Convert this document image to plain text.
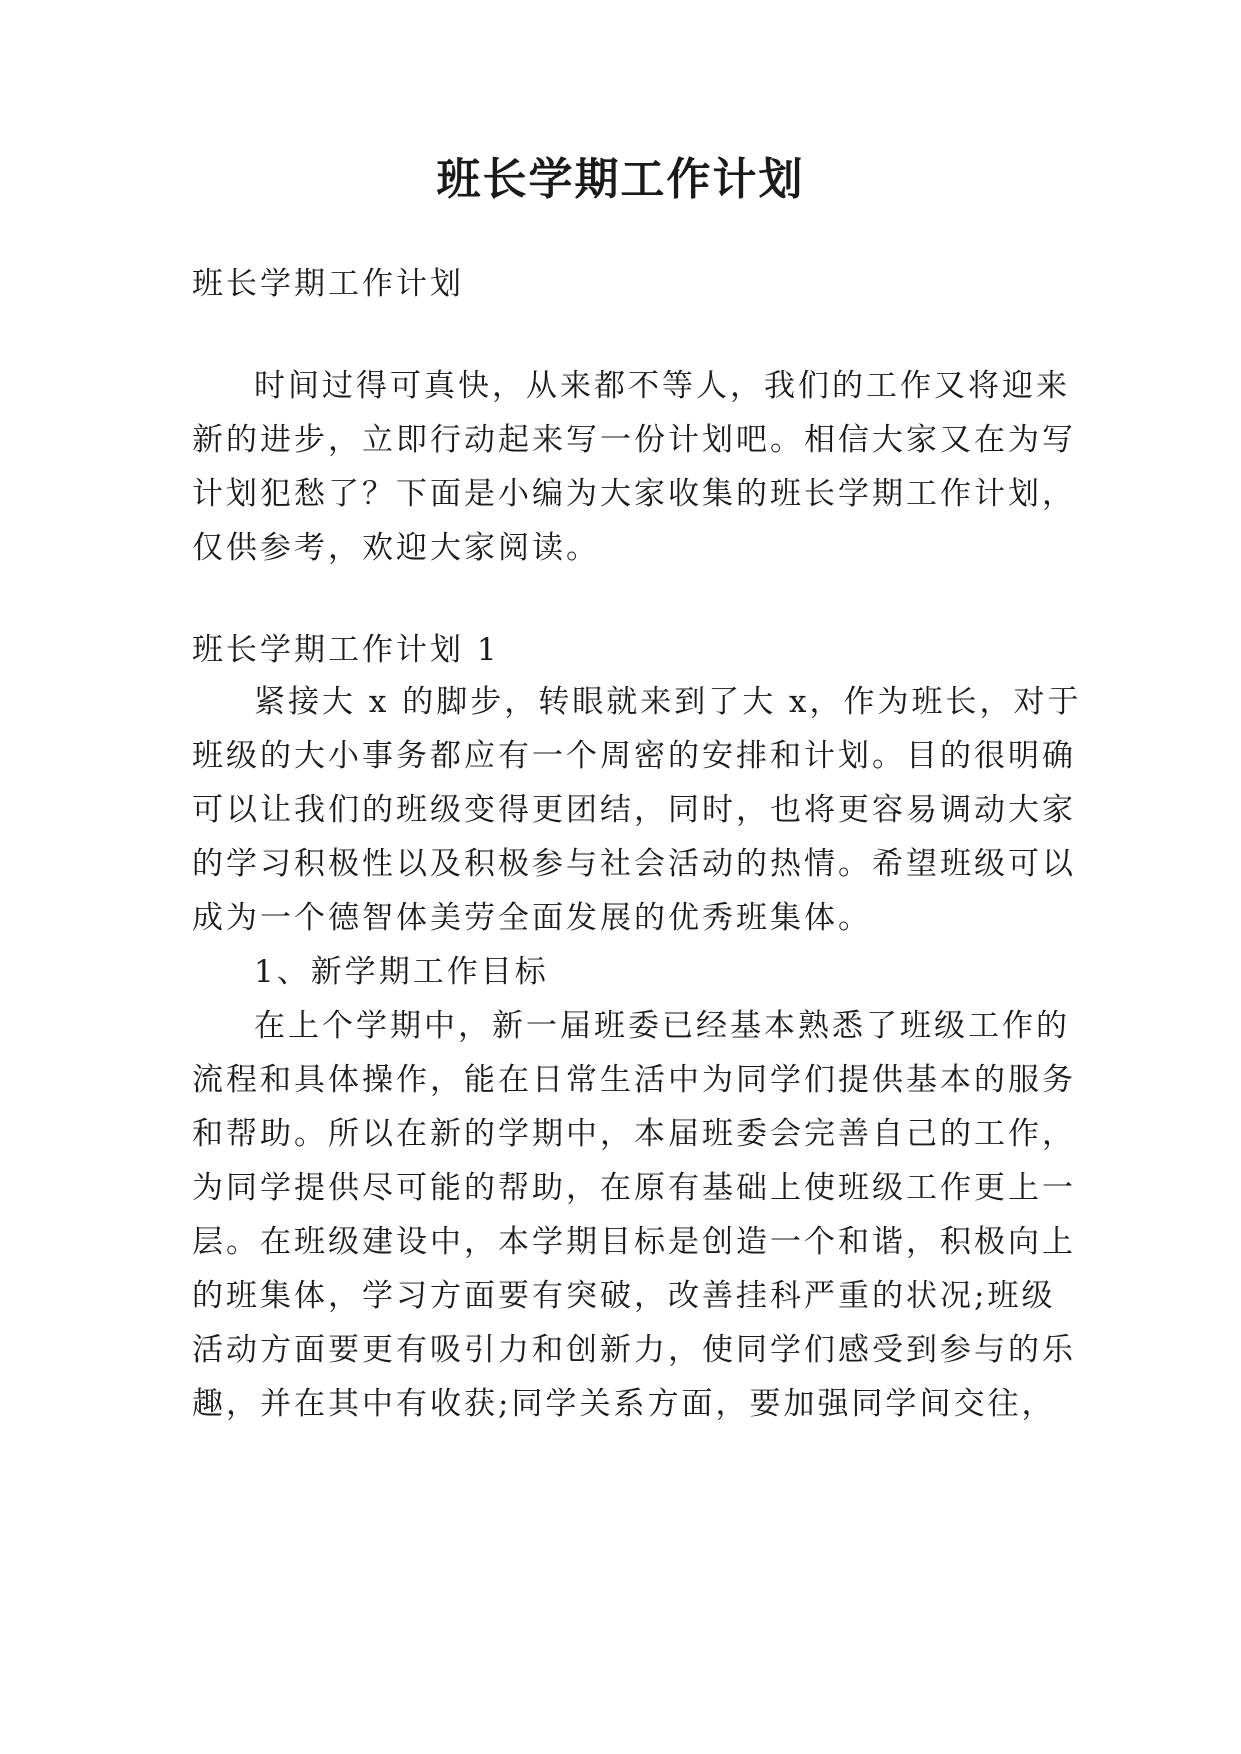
班长学期工作计划
班长学期工作计划
时间过得可真快，从来都不等人，我们的工作又将迎来
新的进步，立即行动起来写一份计划吧。相信大家又在为写
计划犯愁了？下面是小编为大家收集的班长学期工作计划，
仅供参考，欢迎大家阅读。
班长学期工作计划 1
紧接大 x 的脚步，转眼就来到了大 x，作为班长，对于
班级的大小事务都应有一个周密的安排和计划。目的很明确
可以让我们的班级变得更团结，同时，也将更容易调动大家
的学习积极性以及积极参与社会活动的热情。希望班级可以
成为一个德智体美劳全面发展的优秀班集体。
1、新学期工作目标
在上个学期中，新一届班委已经基本熟悉了班级工作的
流程和具体操作，能在日常生活中为同学们提供基本的服务
和帮助。所以在新的学期中，本届班委会完善自己的工作，
为同学提供尽可能的帮助，在原有基础上使班级工作更上一
层。在班级建设中，本学期目标是创造一个和谐，积极向上
的班集体，学习方面要有突破，改善挂科严重的状况;班级
活动方面要更有吸引力和创新力，使同学们感受到参与的乐
趣，并在其中有收获;同学关系方面，要加强同学间交往，
